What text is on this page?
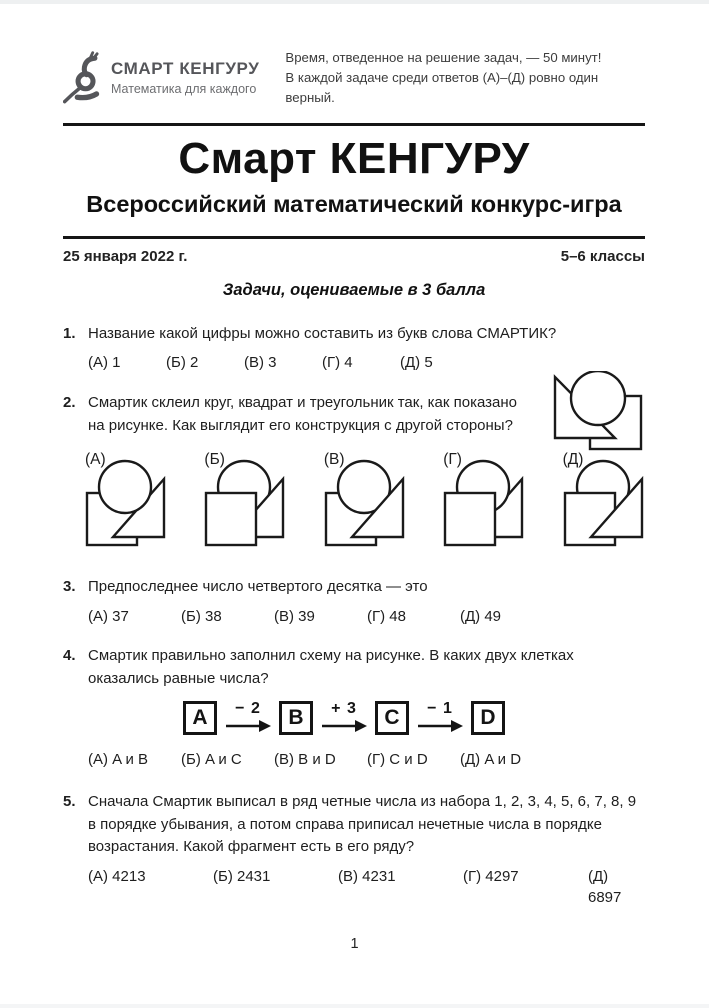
СМАРТ КЕНГУРУ
Математика для каждого
Время, отведенное на решение задач, — 50 минут!
В каждой задаче среди ответов (А)–(Д) ровно один верный.
Смарт КЕНГУРУ
Всероссийский математический конкурс-игра
25 января 2022 г.	5–6 классы
Задачи, оцениваемые в 3 балла
1. Название какой цифры можно составить из букв слова СМАРТИК?
(А) 1	(Б) 2	(В) 3	(Г) 4	(Д) 5
2. Смартик склеил круг, квадрат и треугольник так, как показано на рисунке. Как выглядит его конструкция с другой стороны?
(А)	(Б)	(В)	(Г)	(Д)
3. Предпоследнее число четвертого десятка — это
(А) 37	(Б) 38	(В) 39	(Г) 48	(Д) 49
4. Смартик правильно заполнил схему на рисунке. В каких двух клетках оказались равные числа?
A	− 2	B	+ 3	C	− 1	D
(А) A и B	(Б) A и C	(В) B и D	(Г) C и D	(Д) A и D
5. Сначала Смартик выписал в ряд четные числа из набора 1, 2, 3, 4, 5, 6, 7, 8, 9 в порядке убывания, а потом справа приписал нечетные числа в порядке возрастания. Какой фрагмент есть в его ряду?
(А) 4213	(Б) 2431	(В) 4231	(Г) 4297	(Д) 6897
1
